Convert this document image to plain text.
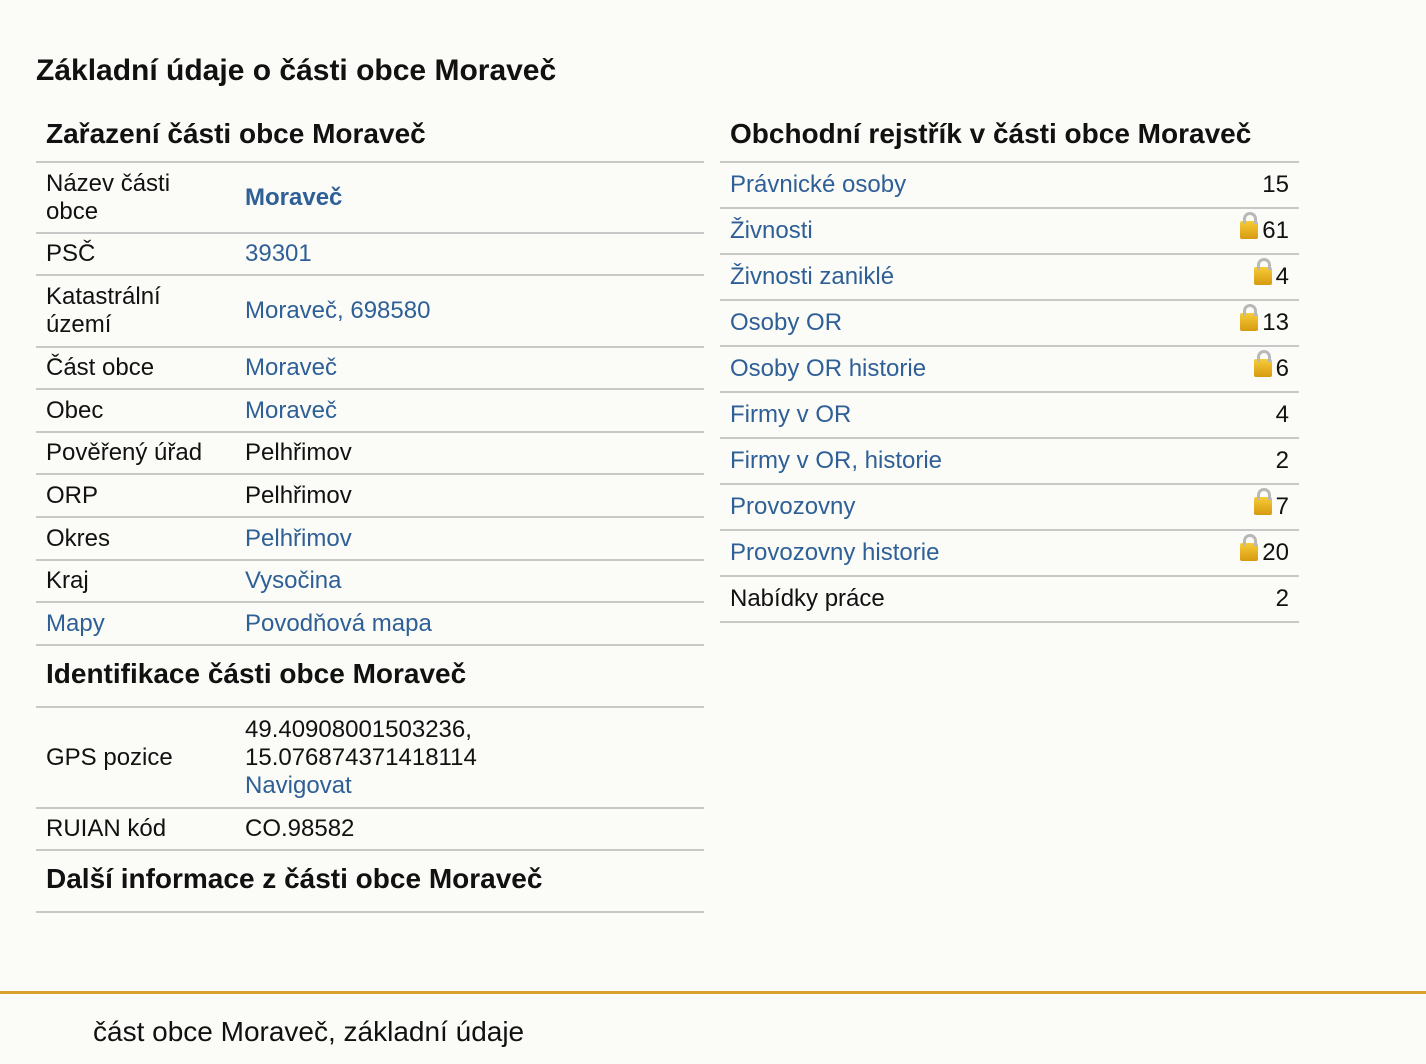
Základní údaje o části obce Moraveč
Zařazení části obce Moraveč
Název části obce	Moraveč
PSČ	39301
Katastrální území	Moraveč, 698580
Část obce	Moraveč
Obec	Moraveč
Pověřený úřad	Pelhřimov
ORP	Pelhřimov
Okres	Pelhřimov
Kraj	Vysočina
Mapy	Povodňová mapa
Identifikace části obce Moraveč
GPS pozice	49.40908001503236,
15.076874371418114
Navigovat
RUIAN kód	CO.98582
Další informace z části obce Moraveč
Obchodní rejstřík v části obce Moraveč
Právnické osoby	15
Živnosti	61
Živnosti zaniklé	4
Osoby OR	13
Osoby OR historie	6
Firmy v OR	4
Firmy v OR, historie	2
Provozovny	7
Provozovny historie	20
Nabídky práce	2
část obce Moraveč, základní údaje
